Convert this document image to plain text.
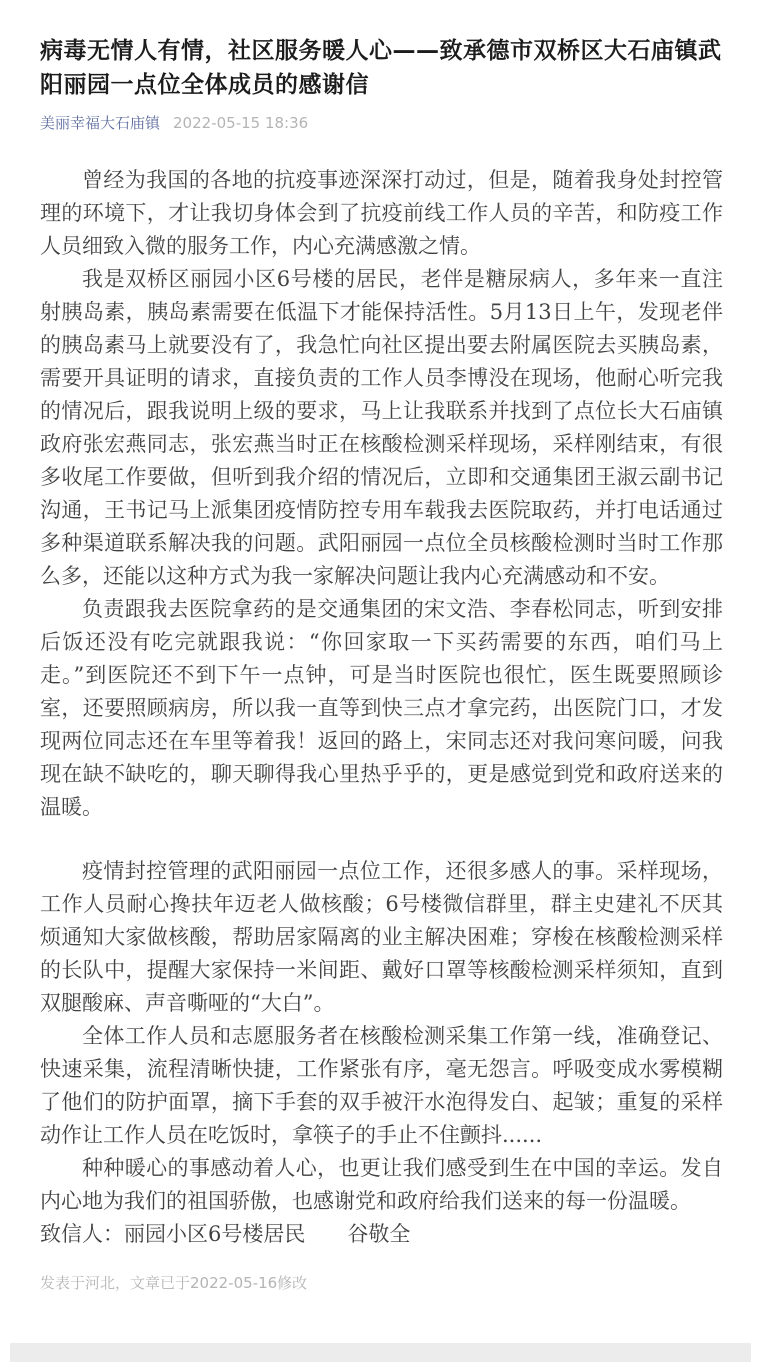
病毒无情人有情，社区服务暖人心——致承德市双桥区大石庙镇武阳丽园一点位全体成员的感谢信
美丽幸福大石庙镇 2022-05-15 18:36

曾经为我国的各地的抗疫事迹深深打动过，但是，随着我身处封控管理的环境下，才让我切身体会到了抗疫前线工作人员的辛苦，和防疫工作人员细致入微的服务工作，内心充满感激之情。

我是双桥区丽园小区6号楼的居民，老伴是糖尿病人，多年来一直注射胰岛素，胰岛素需要在低温下才能保持活性。5月13日上午，发现老伴的胰岛素马上就要没有了，我急忙向社区提出要去附属医院去买胰岛素，需要开具证明的请求，直接负责的工作人员李博没在现场，他耐心听完我的情况后，跟我说明上级的要求，马上让我联系并找到了点位长大石庙镇政府张宏燕同志，张宏燕当时正在核酸检测采样现场，采样刚结束，有很多收尾工作要做，但听到我介绍的情况后，立即和交通集团王淑云副书记沟通，王书记马上派集团疫情防控专用车载我去医院取药，并打电话通过多种渠道联系解决我的问题。武阳丽园一点位全员核酸检测时当时工作那么多，还能以这种方式为我一家解决问题让我内心充满感动和不安。

负责跟我去医院拿药的是交通集团的宋文浩、李春松同志，听到安排后饭还没有吃完就跟我说：“你回家取一下买药需要的东西，咱们马上走。”到医院还不到下午一点钟，可是当时医院也很忙，医生既要照顾诊室，还要照顾病房，所以我一直等到快三点才拿完药，出医院门口，才发现两位同志还在车里等着我！返回的路上，宋同志还对我问寒问暖，问我现在缺不缺吃的，聊天聊得我心里热乎乎的，更是感觉到党和政府送来的温暖。

疫情封控管理的武阳丽园一点位工作，还很多感人的事。采样现场，工作人员耐心搀扶年迈老人做核酸；6号楼微信群里，群主史建礼不厌其烦通知大家做核酸，帮助居家隔离的业主解决困难；穿梭在核酸检测采样的长队中，提醒大家保持一米间距、戴好口罩等核酸检测采样须知，直到双腿酸麻、声音嘶哑的“大白”。

全体工作人员和志愿服务者在核酸检测采集工作第一线，准确登记、快速采集，流程清晰快捷，工作紧张有序，毫无怨言。呼吸变成水雾模糊了他们的防护面罩，摘下手套的双手被汗水泡得发白、起皱；重复的采样动作让工作人员在吃饭时，拿筷子的手止不住颤抖......

种种暖心的事感动着人心，也更让我们感受到生在中国的幸运。发自内心地为我们的祖国骄傲，也感谢党和政府给我们送来的每一份温暖。

致信人：丽园小区6号楼居民　　谷敬全

发表于河北，文章已于2022-05-16修改
